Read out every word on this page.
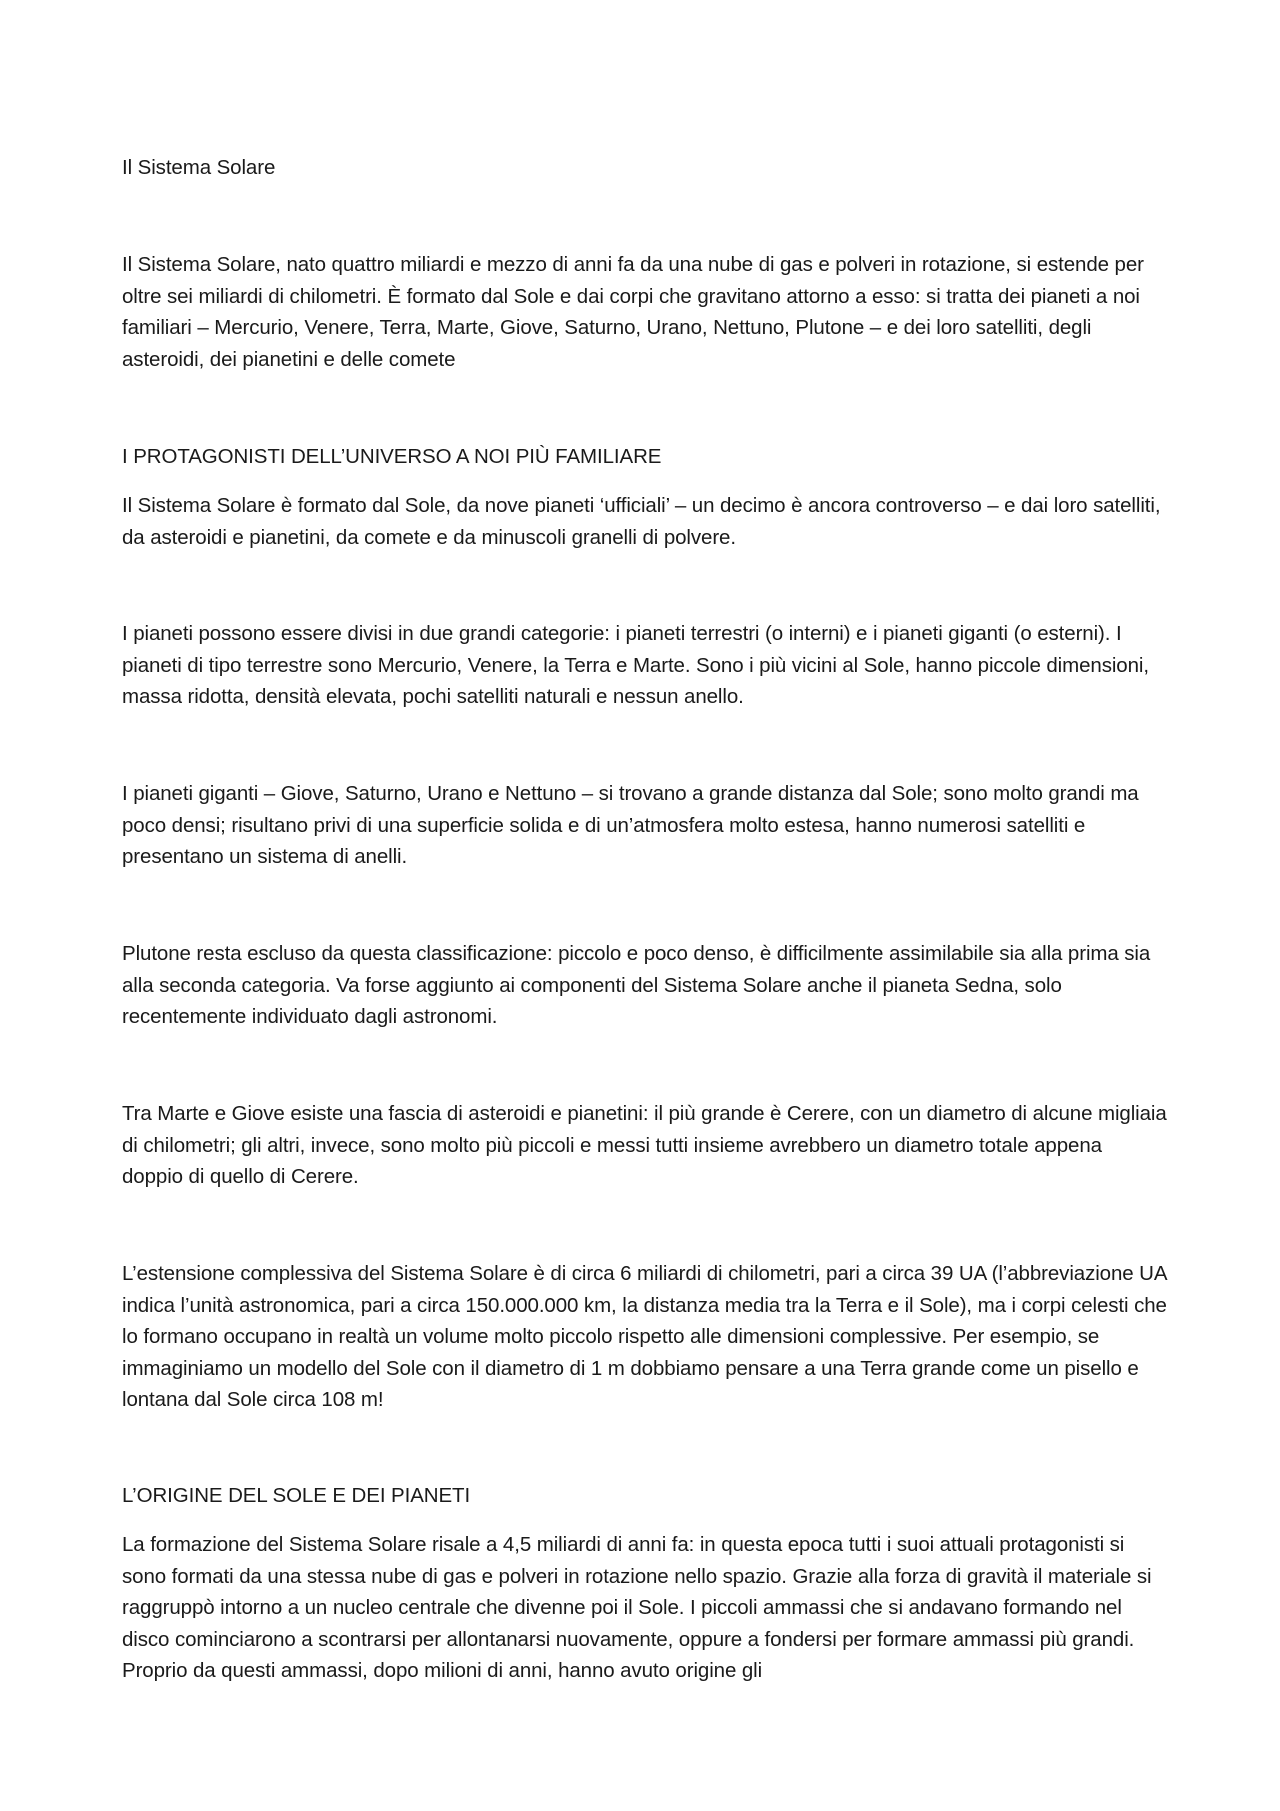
Il Sistema Solare

Il Sistema Solare, nato quattro miliardi e mezzo di anni fa da una nube di gas e polveri in rotazione, si estende per oltre sei miliardi di chilometri. È formato dal Sole e dai corpi che gravitano attorno a esso: si tratta dei pianeti a noi familiari – Mercurio, Venere, Terra, Marte, Giove, Saturno, Urano, Nettuno, Plutone – e dei loro satelliti, degli asteroidi, dei pianetini e delle comete

I PROTAGONISTI DELL’UNIVERSO A NOI PIÙ FAMILIARE

Il Sistema Solare è formato dal Sole, da nove pianeti ‘ufficiali’ – un decimo è ancora controverso – e dai loro satelliti, da asteroidi e pianetini, da comete e da minuscoli granelli di polvere.

I pianeti possono essere divisi in due grandi categorie: i pianeti terrestri (o interni) e i pianeti giganti (o esterni). I pianeti di tipo terrestre sono Mercurio, Venere, la Terra e Marte. Sono i più vicini al Sole, hanno piccole dimensioni, massa ridotta, densità elevata, pochi satelliti naturali e nessun anello.

I pianeti giganti – Giove, Saturno, Urano e Nettuno – si trovano a grande distanza dal Sole; sono molto grandi ma poco densi; risultano privi di una superficie solida e di un’atmosfera molto estesa, hanno numerosi satelliti e presentano un sistema di anelli.

Plutone resta escluso da questa classificazione: piccolo e poco denso, è difficilmente assimilabile sia alla prima sia alla seconda categoria. Va forse aggiunto ai componenti del Sistema Solare anche il pianeta Sedna, solo recentemente individuato dagli astronomi.

Tra Marte e Giove esiste una fascia di asteroidi e pianetini: il più grande è Cerere, con un diametro di alcune migliaia di chilometri; gli altri, invece, sono molto più piccoli e messi tutti insieme avrebbero un diametro totale appena doppio di quello di Cerere.

L’estensione complessiva del Sistema Solare è di circa 6 miliardi di chilometri, pari a circa 39 UA (l’abbreviazione UA indica l’unità astronomica, pari a circa 150.000.000 km, la distanza media tra la Terra e il Sole), ma i corpi celesti che lo formano occupano in realtà un volume molto piccolo rispetto alle dimensioni complessive. Per esempio, se immaginiamo un modello del Sole con il diametro di 1 m dobbiamo pensare a una Terra grande come un pisello e lontana dal Sole circa 108 m!

L’ORIGINE DEL SOLE E DEI PIANETI

La formazione del Sistema Solare risale a 4,5 miliardi di anni fa: in questa epoca tutti i suoi attuali protagonisti si sono formati da una stessa nube di gas e polveri in rotazione nello spazio. Grazie alla forza di gravità il materiale si raggruppò intorno a un nucleo centrale che divenne poi il Sole. I piccoli ammassi che si andavano formando nel disco cominciarono a scontrarsi per allontanarsi nuovamente, oppure a fondersi per formare ammassi più grandi. Proprio da questi ammassi, dopo milioni di anni, hanno avuto origine gli
